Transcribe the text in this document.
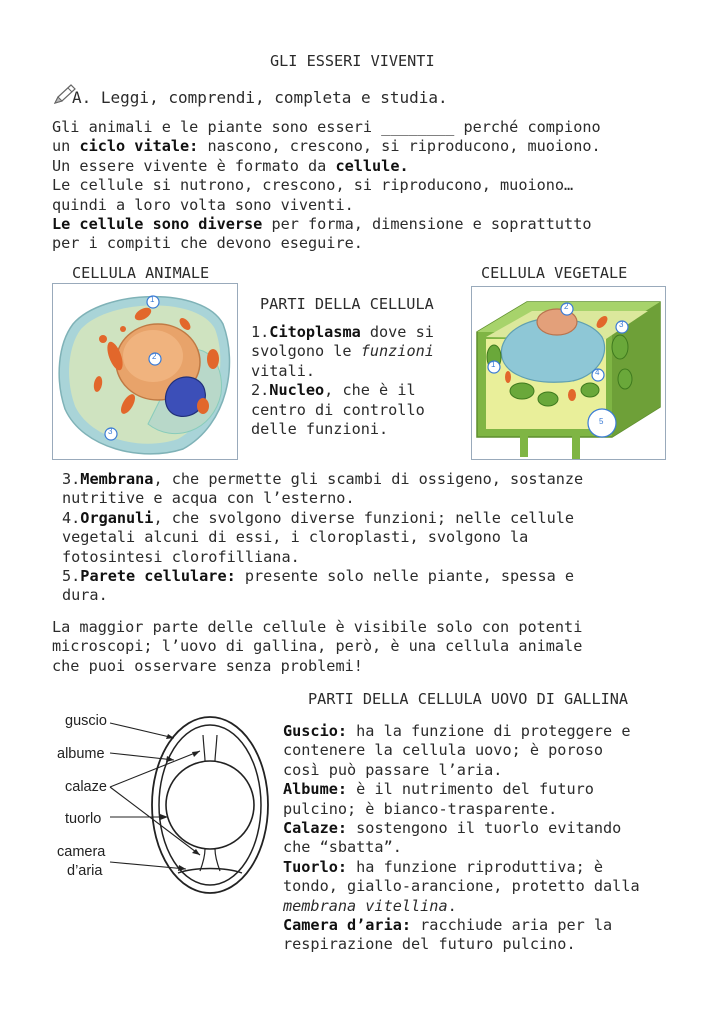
GLI ESSERI VIVENTI
A. Leggi, comprendi, completa e studia.
Gli animali e le piante sono esseri ________ perché compiono
un ciclo vitale: nascono, crescono, si riproducono, muoiono.
Un essere vivente è formato da cellule.
Le cellule si nutrono, crescono, si riproducono, muoiono…
quindi a loro volta sono viventi.
Le cellule sono diverse per forma, dimensione e soprattutto
per i compiti che devono eseguire.
CELLULA ANIMALE	CELLULA VEGETALE
1
2
3
PARTI DELLA CELLULA
1.Citoplasma dove si
svolgono le funzioni
vitali.
2.Nucleo, che è il
centro di controllo
delle funzioni.
2
3
1
4
5
3.Membrana, che permette gli scambi di ossigeno, sostanze
nutritive e acqua con l’esterno.
4.Organuli, che svolgono diverse funzioni; nelle cellule
vegetali alcuni di essi, i cloroplasti, svolgono la
fotosintesi clorofilliana.
5.Parete cellulare: presente solo nelle piante, spessa e
dura.
La maggior parte delle cellule è visibile solo con potenti
microscopi; l’uovo di gallina, però, è una cellula animale
che puoi osservare senza problemi!
PARTI DELLA CELLULA UOVO DI GALLINA
guscio
albume
calaze
tuorlo
camera
d’aria
Guscio: ha la funzione di proteggere e
contenere la cellula uovo; è poroso
così può passare l’aria.
Albume: è il nutrimento del futuro
pulcino; è bianco-trasparente.
Calaze: sostengono il tuorlo evitando
che “sbatta”.
Tuorlo: ha funzione riproduttiva; è
tondo, giallo-arancione, protetto dalla
membrana vitellina.
Camera d’aria: racchiude aria per la
respirazione del futuro pulcino.
